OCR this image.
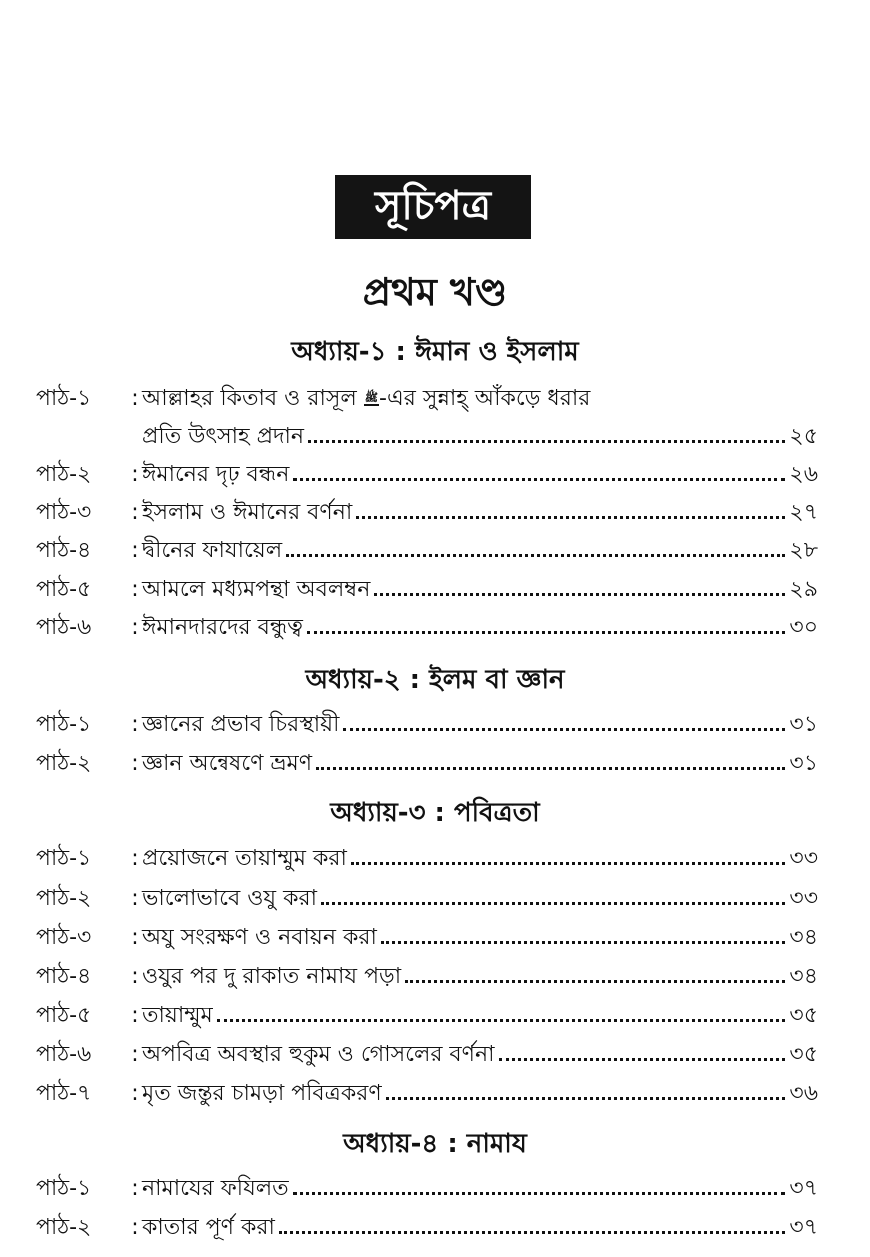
সূচিপত্র
প্রথম খণ্ড
অধ্যায়-১ : ঈমান ও ইসলাম
পাঠ-১	: আল্লাহর কিতাব ও রাসূল ﷺ-এর সুন্নাহ্ আঁকড়ে ধরার
প্রতি উৎসাহ প্রদান	২৫
পাঠ-২	: ঈমানের দৃঢ় বন্ধন	২৬
পাঠ-৩	: ইসলাম ও ঈমানের বর্ণনা	২৭
পাঠ-৪	: দ্বীনের ফাযায়েল	২৮
পাঠ-৫	: আমলে মধ্যমপন্থা অবলম্বন	২৯
পাঠ-৬	: ঈমানদারদের বন্ধুত্ব	৩০
অধ্যায়-২ : ইলম বা জ্ঞান
পাঠ-১	: জ্ঞানের প্রভাব চিরস্থায়ী	৩১
পাঠ-২	: জ্ঞান অন্বেষণে ভ্রমণ	৩১
অধ্যায়-৩ : পবিত্রতা
পাঠ-১	: প্রয়োজনে তায়াম্মুম করা	৩৩
পাঠ-২	: ভালোভাবে ওযু করা	৩৩
পাঠ-৩	: অযু সংরক্ষণ ও নবায়ন করা	৩৪
পাঠ-৪	: ওযুর পর দু রাকাত নামায পড়া	৩৪
পাঠ-৫	: তায়াম্মুম	৩৫
পাঠ-৬	: অপবিত্র অবস্থার হুকুম ও গোসলের বর্ণনা	৩৫
পাঠ-৭	: মৃত জন্তুর চামড়া পবিত্রকরণ	৩৬
অধ্যায়-৪ : নামায
পাঠ-১	: নামাযের ফযিলত	৩৭
পাঠ-২	: কাতার পূর্ণ করা	৩৭
